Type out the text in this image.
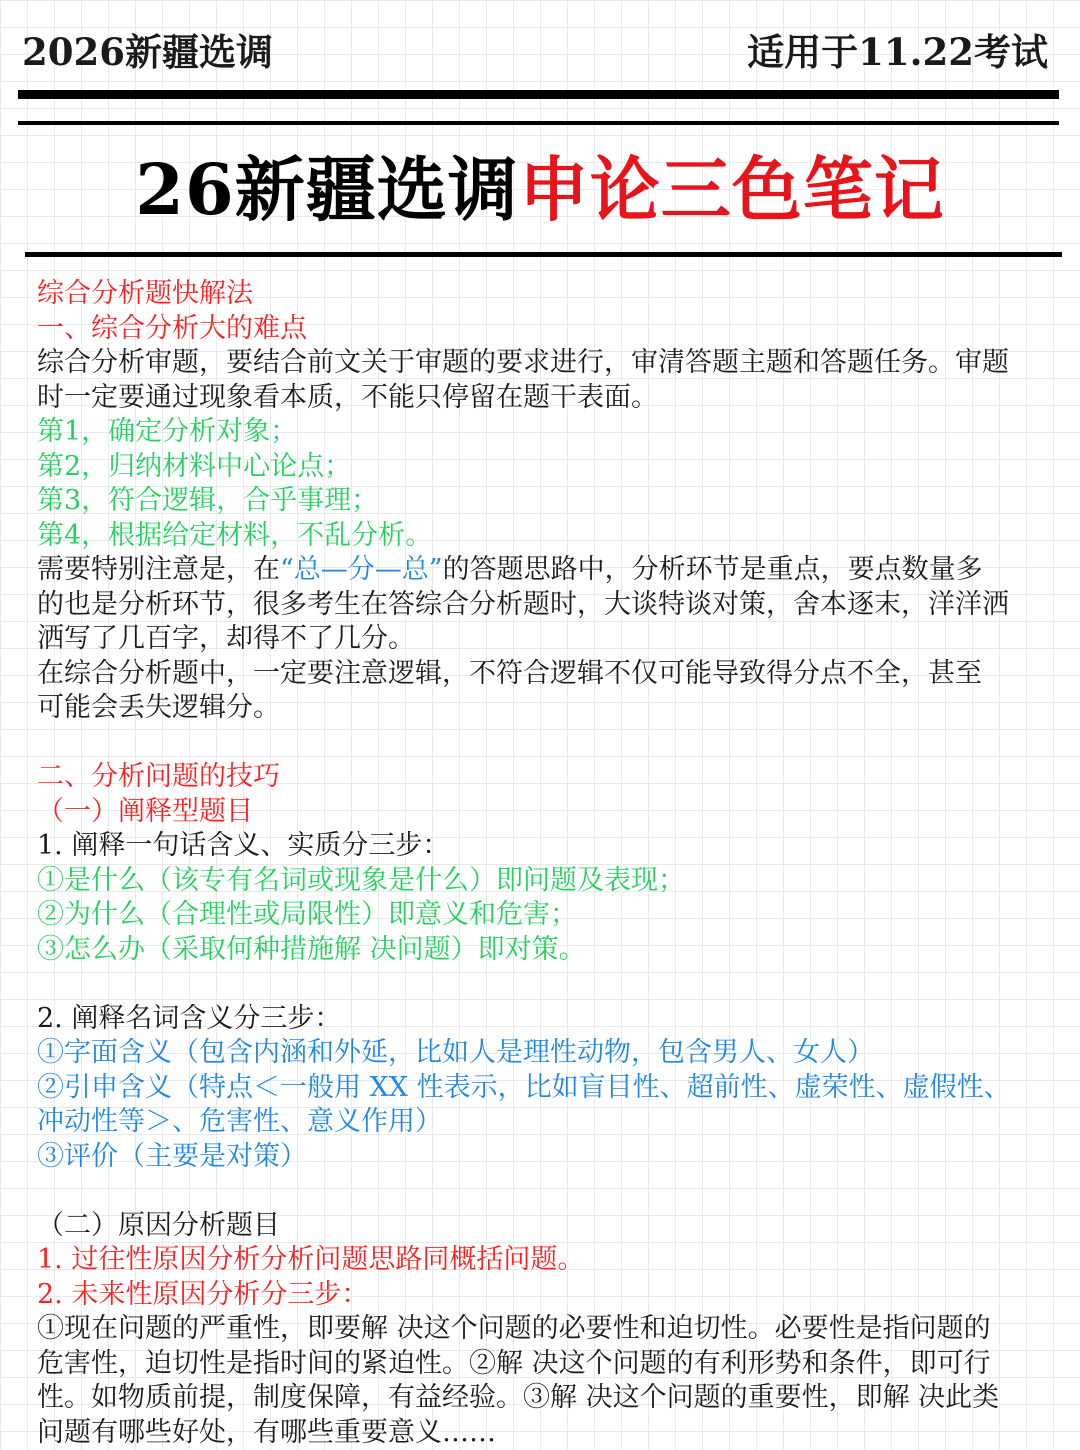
2026新疆选调	适用于11.22考试
26新疆选调申论三色笔记
综合分析题快解法
一、综合分析大的难点
综合分析审题，要结合前文关于审题的要求进行，审清答题主题和答题任务。审题
时一定要通过现象看本质，不能只停留在题干表面。
第1，确定分析对象；
第2，归纳材料中心论点；
第3，符合逻辑，合乎事理；
第4，根据给定材料，不乱分析。
需要特别注意是，在“总—分—总”的答题思路中，分析环节是重点，要点数量多
的也是分析环节，很多考生在答综合分析题时，大谈特谈对策，舍本逐末，洋洋洒
洒写了几百字，却得不了几分。
在综合分析题中，一定要注意逻辑，不符合逻辑不仅可能导致得分点不全，甚至
可能会丢失逻辑分。
二、分析问题的技巧
（一）阐释型题目
1. 阐释一句话含义、实质分三步：
①是什么（该专有名词或现象是什么）即问题及表现；
②为什么（合理性或局限性）即意义和危害；
③怎么办（采取何种措施解 决问题）即对策。
2. 阐释名词含义分三步：
①字面含义（包含内涵和外延，比如人是理性动物，包含男人、女人）
②引申含义（特点＜一般用 XX 性表示，比如盲目性、超前性、虚荣性、虚假性、
冲动性等＞、危害性、意义作用）
③评价（主要是对策）
（二）原因分析题目
1. 过往性原因分析分析问题思路同概括问题。
2. 未来性原因分析分三步：
①现在问题的严重性，即要解 决这个问题的必要性和迫切性。必要性是指问题的
危害性，迫切性是指时间的紧迫性。②解 决这个问题的有利形势和条件，即可行
性。如物质前提，制度保障，有益经验。③解 决这个问题的重要性，即解 决此类
问题有哪些好处，有哪些重要意义……
